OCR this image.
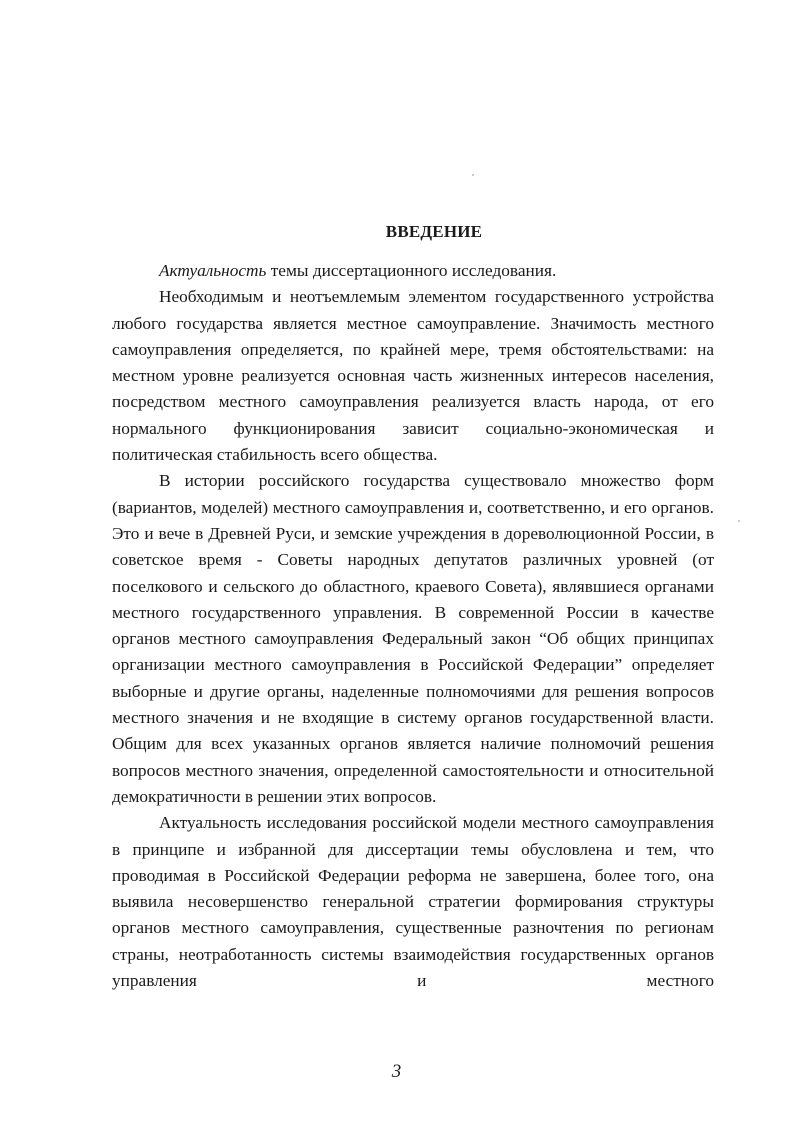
ВВЕДЕНИЕ

Актуальность темы диссертационного исследования.

Необходимым и неотъемлемым элементом государственного устройства любого государства является местное самоуправление. Значимость местного самоуправления определяется, по крайней мере, тремя обстоятельствами: на местном уровне реализуется основная часть жизненных интересов населения, посредством местного самоуправления реализуется власть народа, от его нормального функционирования зависит социально-экономическая и политическая стабильность всего общества.

В истории российского государства существовало множество форм (вариантов, моделей) местного самоуправления и, соответственно, и его органов. Это и вече в Древней Руси, и земские учреждения в дореволюционной России, в советское время - Советы народных депутатов различных уровней (от поселкового и сельского до областного, краевого Совета), являвшиеся органами местного государственного управления. В современной России в качестве органов местного самоуправления Федеральный закон “Об общих принципах организации местного самоуправления в Российской Федерации” определяет выборные и другие органы, наделенные полномочиями для решения вопросов местного значения и не входящие в систему органов государственной власти. Общим для всех указанных органов является наличие полномочий решения вопросов местного значения, определенной самостоятельности и относительной демократичности в решении этих вопросов.

Актуальность исследования российской модели местного самоуправления в принципе и избранной для диссертации темы обусловлена и тем, что проводимая в Российской Федерации реформа не завершена, более того, она выявила несовершенство генеральной стратегии формирования структуры органов местного самоуправления, существенные разночтения по регионам страны, неотработанность системы взаимодействия государственных органов управления и местного

3
